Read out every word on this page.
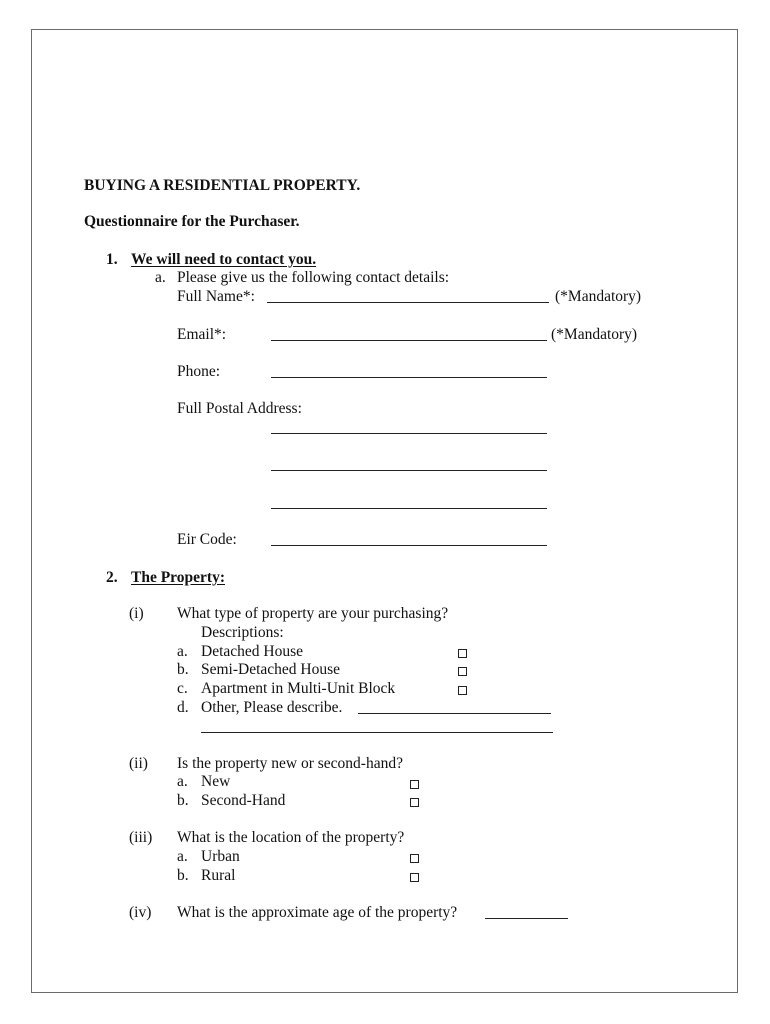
BUYING A RESIDENTIAL PROPERTY.
Questionnaire for the Purchaser.
1. We will need to contact you.
a. Please give us the following contact details:
Full Name*:	(*Mandatory)
Email*:	(*Mandatory)
Phone:
Full Postal Address:
Eir Code:
2. The Property:
(i) What type of property are your purchasing?
Descriptions:
a. Detached House
b. Semi-Detached House
c. Apartment in Multi-Unit Block
d. Other, Please describe.
(ii) Is the property new or second-hand?
a. New
b. Second-Hand
(iii) What is the location of the property?
a. Urban
b. Rural
(iv) What is the approximate age of the property?
